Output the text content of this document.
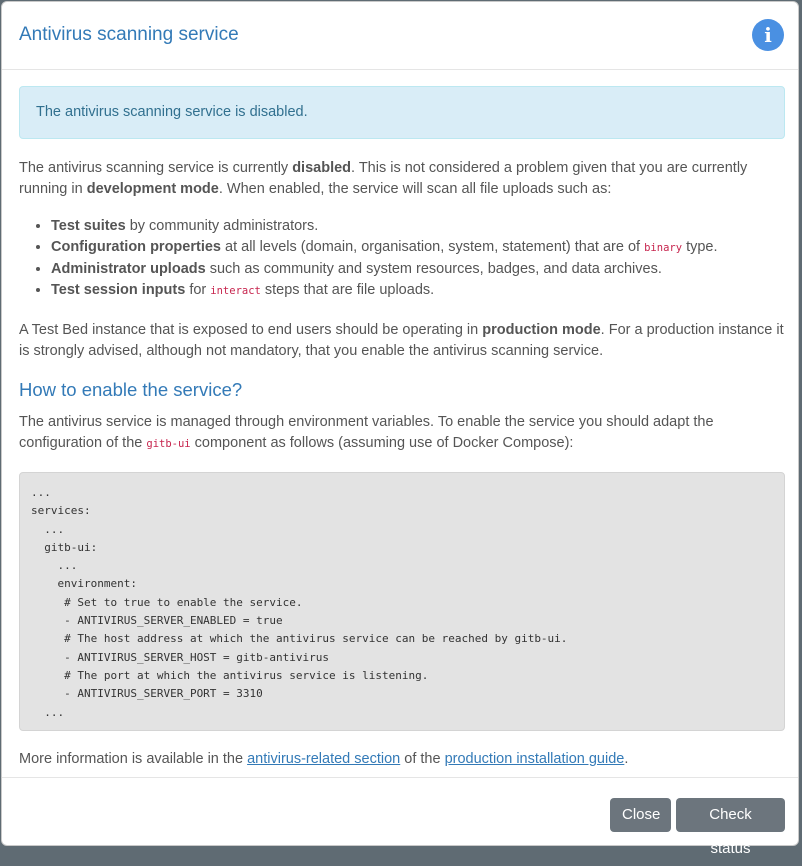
Antivirus scanning service	i
The antivirus scanning service is disabled.

The antivirus scanning service is currently disabled. This is not considered a problem given that you are currently running in development mode. When enabled, the service will scan all file uploads such as:

• Test suites by community administrators.
• Configuration properties at all levels (domain, organisation, system, statement) that are of binary type.
• Administrator uploads such as community and system resources, badges, and data archives.
• Test session inputs for interact steps that are file uploads.

A Test Bed instance that is exposed to end users should be operating in production mode. For a production instance it is strongly advised, although not mandatory, that you enable the antivirus scanning service.

How to enable the service?

The antivirus service is managed through environment variables. To enable the service you should adapt the configuration of the gitb-ui component as follows (assuming use of Docker Compose):

...
services:
...
gitb-ui:
...
environment:
# Set to true to enable the service.
- ANTIVIRUS_SERVER_ENABLED = true
# The host address at which the antivirus service can be reached by gitb-ui.
- ANTIVIRUS_SERVER_HOST = gitb-antivirus
# The port at which the antivirus service is listening.
- ANTIVIRUS_SERVER_PORT = 3310
...

More information is available in the antivirus-related section of the production installation guide.

Close	Check status
